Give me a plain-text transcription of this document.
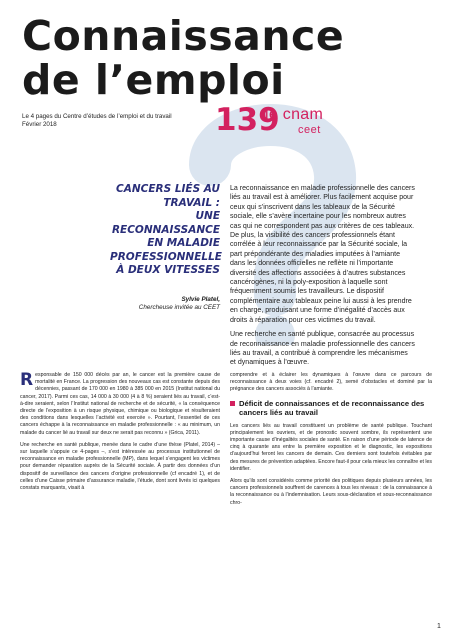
Connaissance
de l’emploi
Le 4 pages du Centre d’études de l’emploi et du travail
Février 2018	139
le cnam
ceet
CANCERS LIÉS AU TRAVAIL :
UNE RECONNAISSANCE
EN MALADIE PROFESSIONNELLE
À DEUX VITESSES
Sylvie Platel,
Chercheuse invitée au CEET

La reconnaissance en maladie professionnelle des cancers liés au travail est à améliorer. Plus facilement acquise pour ceux qui s’inscrivent dans les tableaux de la Sécurité sociale, elle s’avère incertaine pour les nombreux autres cas qui ne correspondent pas aux critères de ces tableaux. De plus, la visibilité des cancers professionnels étant corrélée à leur reconnaissance par la Sécurité sociale, la part prépondérante des maladies imputées à l’amiante dans les données officielles ne reflète ni l’importante diversité des affections associées à d’autres substances cancérogènes, ni la poly-exposition à laquelle sont fréquemment soumis les travailleurs. Le dispositif complémentaire aux tableaux peine lui aussi à les prendre en charge, produisant une forme d’inégalité d’accès aux droits à réparation pour ces victimes du travail.

Une recherche en santé publique, consacrée au processus de reconnaissance en maladie professionnelle des cancers liés au travail, a contribué à comprendre les mécanismes et dynamiques à l’œuvre.

Responsable de 150 000 décès par an, le cancer est la première cause de mortalité en France. La progression des nouveaux cas est constante depuis des décennies, passant de 170 000 en 1980 à 385 000 en 2015 (Institut national du cancer, 2017). Parmi ces cas, 14 000 à 30 000 (4 à 8 %) seraient liés au travail, c’est-à-dire seraient, selon l’Institut national de recherche et de sécurité, « la conséquence directe de l’exposition à un risque physique, chimique ou biologique et résulteraient des conditions dans lesquelles l’activité est exercée ». Pourtant, l’essentiel de ces cancers échappe à la reconnaissance en maladie professionnelle : « au minimum, un malade du cancer lié au travail sur deux ne serait pas reconnu » (Grica, 2011).

Une recherche en santé publique, menée dans le cadre d’une thèse (Platel, 2014) – sur laquelle s’appuie ce 4-pages –, s’est intéressée au processus institutionnel de reconnaissance en maladie professionnelle (MP), dans lequel s’engagent les victimes pour demander réparation auprès de la Sécurité sociale. À partir des données d’un dispositif de surveillance des cancers d’origine professionnelle (cf encadré 1), et de celles d’une Caisse primaire d’assurance maladie, l’étude, dont sont livrés ici quelques constats marquants, visait à

comprendre et à éclairer les dynamiques à l’œuvre dans ce parcours de reconnaissance à deux voies (cf. encadré 2), semé d’obstacles et dominé par la prégnance des cancers associés à l’amiante.

Déficit de connaissances et de reconnaissance des cancers liés au travail

Les cancers liés au travail constituent un problème de santé publique. Touchant principalement les ouvriers, et de pronostic souvent sombre, ils représentent une importante cause d’inégalités sociales de santé. En raison d’une période de latence de cinq à quarante ans entre la première exposition et le diagnostic, les expositions d’aujourd’hui feront les cancers de demain. Ces derniers sont toutefois évitables par des mesures de prévention adaptées. Encore faut-il pour cela mieux les connaître et les identifier.

Alors qu’ils sont considérés comme priorité des politiques depuis plusieurs années, les cancers professionnels souffrent de carences à tous les niveaux : de la connaissance à la reconnaissance ou à l’indemnisation. Leurs sous-déclaration et sous-reconnaissance chro-

1
